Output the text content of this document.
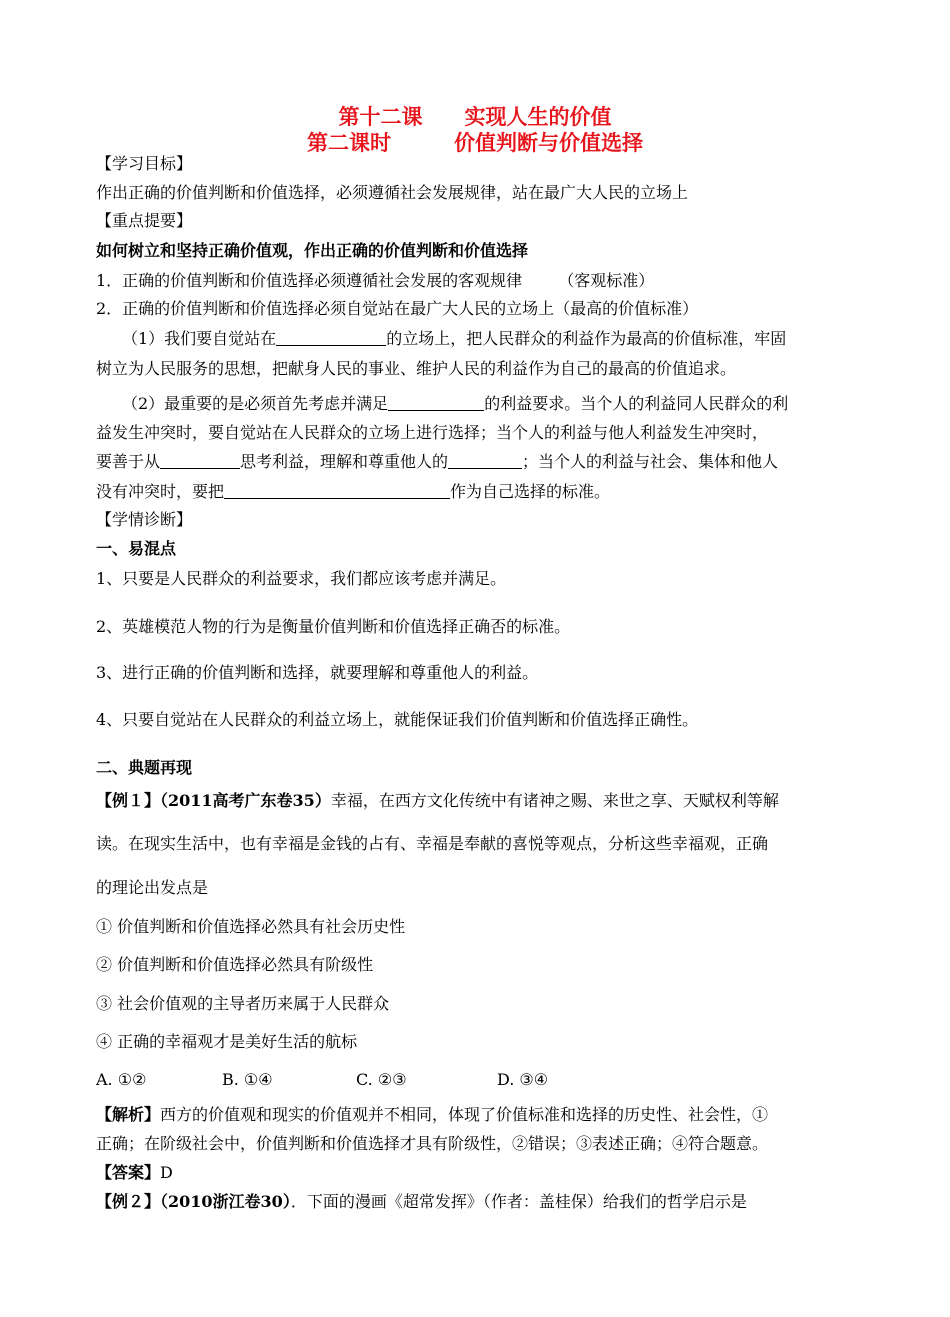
第十二课　　实现人生的价值
第二课时　　　价值判断与价值选择
【学习目标】
作出正确的价值判断和价值选择，必须遵循社会发展规律，站在最广大人民的立场上
【重点提要】
如何树立和坚持正确价值观，作出正确的价值判断和价值选择
1．正确的价值判断和价值选择必须遵循社会发展的客观规律 （客观标准）
2．正确的价值判断和价值选择必须自觉站在最广大人民的立场上（最高的价值标准）
（1）我们要自觉站在	的立场上，把人民群众的利益作为最高的价值标准，牢固
树立为人民服务的思想，把献身人民的事业、维护人民的利益作为自己的最高的价值追求。
（2）最重要的是必须首先考虑并满足	的利益要求。当个人的利益同人民群众的利
益发生冲突时，要自觉站在人民群众的立场上进行选择；当个人的利益与他人利益发生冲突时，
要善于从	思考利益，理解和尊重他人的	；当个人的利益与社会、集体和他人
没有冲突时，要把	作为自己选择的标准。
【学情诊断】
一、易混点
1、只要是人民群众的利益要求，我们都应该考虑并满足。
2、英雄模范人物的行为是衡量价值判断和价值选择正确否的标准。
3、进行正确的价值判断和选择，就要理解和尊重他人的利益。
4、只要自觉站在人民群众的利益立场上，就能保证我们价值判断和价值选择正确性。
二、典题再现
【例１】（2011高考广东卷35）幸福，在西方文化传统中有诸神之赐、来世之享、天赋权利等解
读。在现实生活中，也有幸福是金钱的占有、幸福是奉献的喜悦等观点，分析这些幸福观，正确
的理论出发点是
① 价值判断和价值选择必然具有社会历史性
② 价值判断和价值选择必然具有阶级性
③ 社会价值观的主导者历来属于人民群众
④ 正确的幸福观才是美好生活的航标
A. ①②	B. ①④	C. ②③	D. ③④
【解析】西方的价值观和现实的价值观并不相同，体现了价值标准和选择的历史性、社会性，①
正确；在阶级社会中，价值判断和价值选择才具有阶级性，②错误；③表述正确；④符合题意。
【答案】D
【例２】（2010浙江卷30）．下面的漫画《超常发挥》（作者：盖桂保）给我们的哲学启示是
